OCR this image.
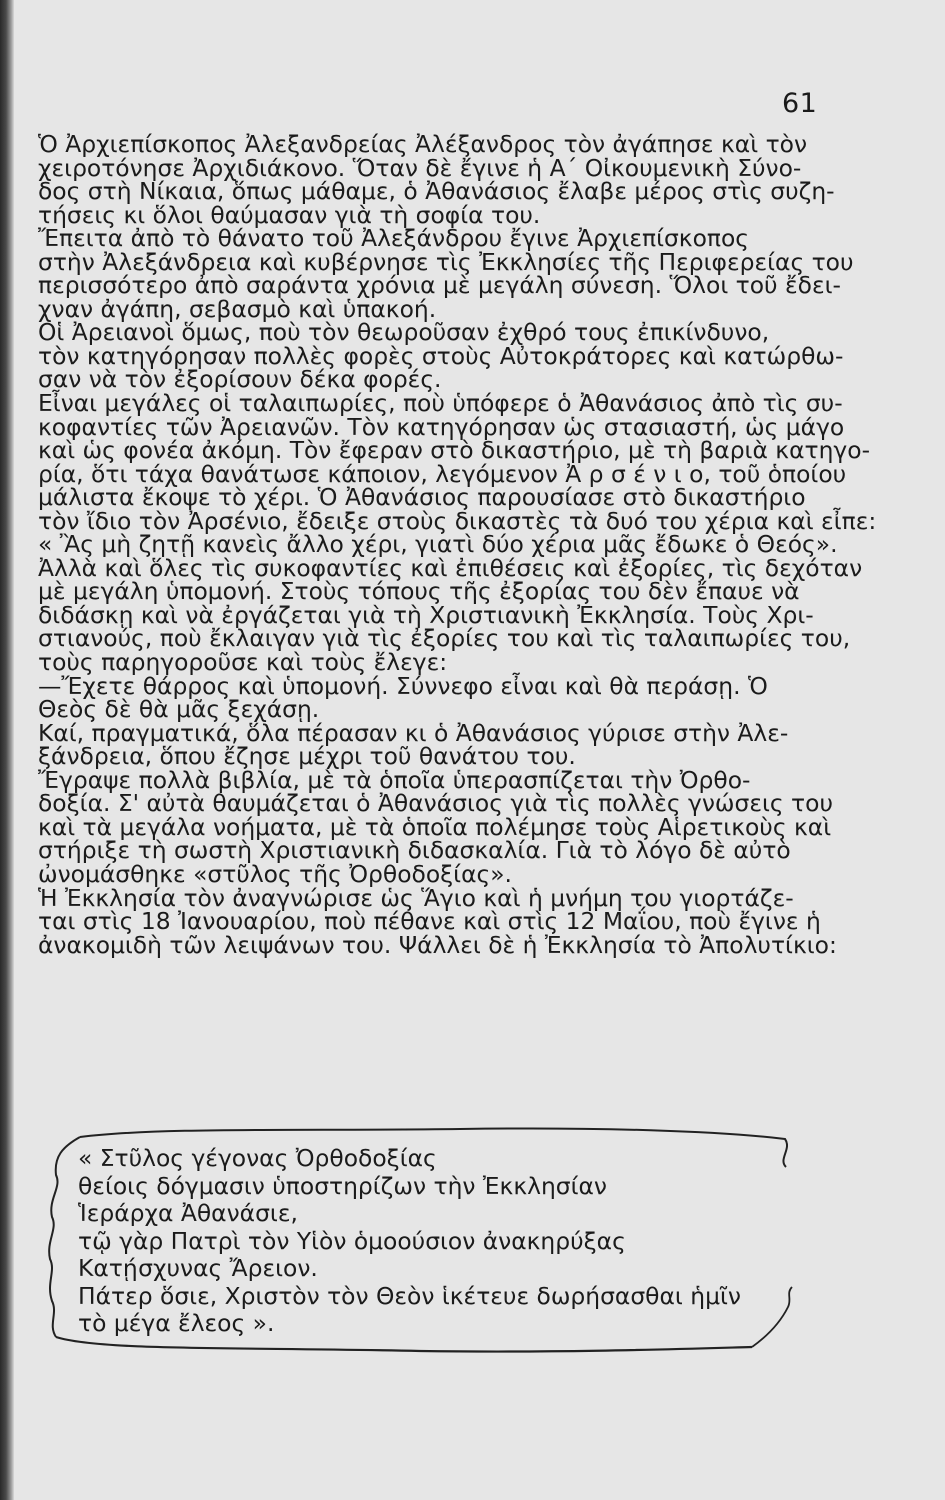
61
Ὁ Ἀρχιεπίσκοπος Ἀλεξανδρείας Ἀλέξανδρος τὸν ἀγάπησε καὶ τὸν
χειροτόνησε Ἀρχιδιάκονο. Ὅταν δὲ ἔγινε ἡ Α΄ Οἰκουμενικὴ Σύνο-
δος στὴ Νίκαια, ὅπως μάθαμε, ὁ Ἀθανάσιος ἔλαβε μέρος στὶς συζη-
τήσεις κι ὅλοι θαύμασαν γιὰ τὴ σοφία του.
Ἔπειτα ἀπὸ τὸ θάνατο τοῦ Ἀλεξάνδρου ἔγινε Ἀρχιεπίσκοπος
στὴν Ἀλεξάνδρεια καὶ κυβέρνησε τὶς Ἐκκλησίες τῆς Περιφερείας του
περισσότερο ἀπὸ σαράντα χρόνια μὲ μεγάλη σύνεση. Ὅλοι τοῦ ἔδει-
χναν ἀγάπη, σεβασμὸ καὶ ὑπακοή.
Οἱ Ἀρειανοὶ ὅμως, ποὺ τὸν θεωροῦσαν ἐχθρό τους ἐπικίνδυνο,
τὸν κατηγόρησαν πολλὲς φορὲς στοὺς Αὐτοκράτορες καὶ κατώρθω-
σαν νὰ τὸν ἐξορίσουν δέκα φορές.
Εἶναι μεγάλες οἱ ταλαιπωρίες, ποὺ ὑπόφερε ὁ Ἀθανάσιος ἀπὸ τὶς συ-
κοφαντίες τῶν Ἀρειανῶν. Τὸν κατηγόρησαν ὡς στασιαστή, ὡς μάγο
καὶ ὡς φονέα ἀκόμη. Τὸν ἔφεραν στὸ δικαστήριο, μὲ τὴ βαριὰ κατηγο-
ρία, ὅτι τάχα θανάτωσε κάποιον, λεγόμενον Ἀ ρ σ έ ν ι ο, τοῦ ὁποίου
μάλιστα ἔκοψε τὸ χέρι. Ὁ Ἀθανάσιος παρουσίασε στὸ δικαστήριο
τὸν ἴδιο τὸν Ἀρσένιο, ἔδειξε στοὺς δικαστὲς τὰ δυό του χέρια καὶ εἶπε:
« Ἂς μὴ ζητῇ κανεὶς ἄλλο χέρι, γιατὶ δύο χέρια μᾶς ἔδωκε ὁ Θεός».
Ἀλλὰ καὶ ὅλες τὶς συκοφαντίες καὶ ἐπιθέσεις καὶ ἐξορίες, τὶς δεχόταν
μὲ μεγάλη ὑπομονή. Στοὺς τόπους τῆς ἐξορίας του δὲν ἔπαυε νὰ
διδάσκῃ καὶ νὰ ἐργάζεται γιὰ τὴ Χριστιανικὴ Ἐκκλησία. Τοὺς Χρι-
στιανούς, ποὺ ἔκλαιγαν γιὰ τὶς ἐξορίες του καὶ τὶς ταλαιπωρίες του,
τοὺς παρηγοροῦσε καὶ τοὺς ἔλεγε:
—Ἔχετε θάρρος καὶ ὑπομονή. Σύννεφο εἶναι καὶ θὰ περάσῃ. Ὁ
Θεὸς δὲ θὰ μᾶς ξεχάσῃ.
Καί, πραγματικά, ὅλα πέρασαν κι ὁ Ἀθανάσιος γύρισε στὴν Ἀλε-
ξάνδρεια, ὅπου ἔζησε μέχρι τοῦ θανάτου του.
Ἔγραψε πολλὰ βιβλία, μὲ τὰ ὁποῖα ὑπερασπίζεται τὴν Ὀρθο-
δοξία. Σ' αὐτὰ θαυμάζεται ὁ Ἀθανάσιος γιὰ τὶς πολλὲς γνώσεις του
καὶ τὰ μεγάλα νοήματα, μὲ τὰ ὁποῖα πολέμησε τοὺς Αἱρετικοὺς καὶ
στήριξε τὴ σωστὴ Χριστιανικὴ διδασκαλία. Γιὰ τὸ λόγο δὲ αὐτὸ
ὠνομάσθηκε «στῦλος τῆς Ὀρθοδοξίας».
Ἡ Ἐκκλησία τὸν ἀναγνώρισε ὡς Ἅγιο καὶ ἡ μνήμη του γιορτάζε-
ται στὶς 18 Ἰανουαρίου, ποὺ πέθανε καὶ στὶς 12 Μαΐου, ποὺ ἔγινε ἡ
ἀνακομιδὴ τῶν λειψάνων του. Ψάλλει δὲ ἡ Ἐκκλησία τὸ Ἀπολυτίκιο:
« Στῦλος γέγονας Ὀρθοδοξίας
θείοις δόγμασιν ὑποστηρίζων τὴν Ἐκκλησίαν
Ἱεράρχα Ἀθανάσιε,
τῷ γὰρ Πατρὶ τὸν Υἱὸν ὁμοούσιον ἀνακηρύξας
Κατῄσχυνας Ἄρειον.
Πάτερ ὅσιε, Χριστὸν τὸν Θεὸν ἱκέτευε δωρήσασθαι ἡμῖν
τὸ μέγα ἔλεος ».
